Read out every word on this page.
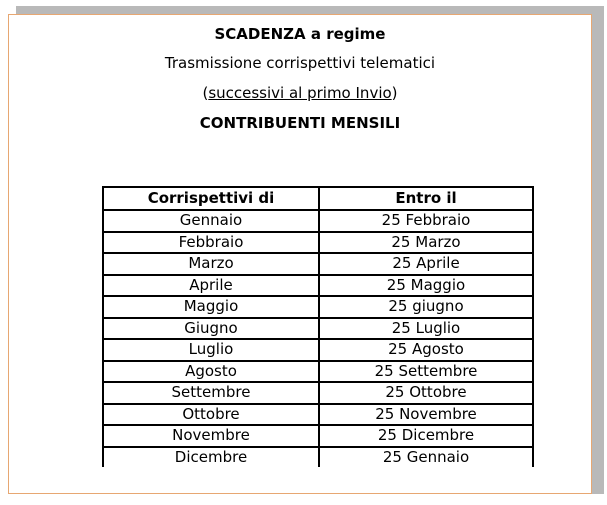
SCADENZA a regime
Trasmissione corrispettivi telematici
(successivi al primo Invio)
CONTRIBUENTI MENSILI
Corrispettivi di	Entro il
Gennaio	25 Febbraio
Febbraio	25 Marzo
Marzo	25 Aprile
Aprile	25 Maggio
Maggio	25 giugno
Giugno	25 Luglio
Luglio	25 Agosto
Agosto	25 Settembre
Settembre	25 Ottobre
Ottobre	25 Novembre
Novembre	25 Dicembre
Dicembre	25 Gennaio
